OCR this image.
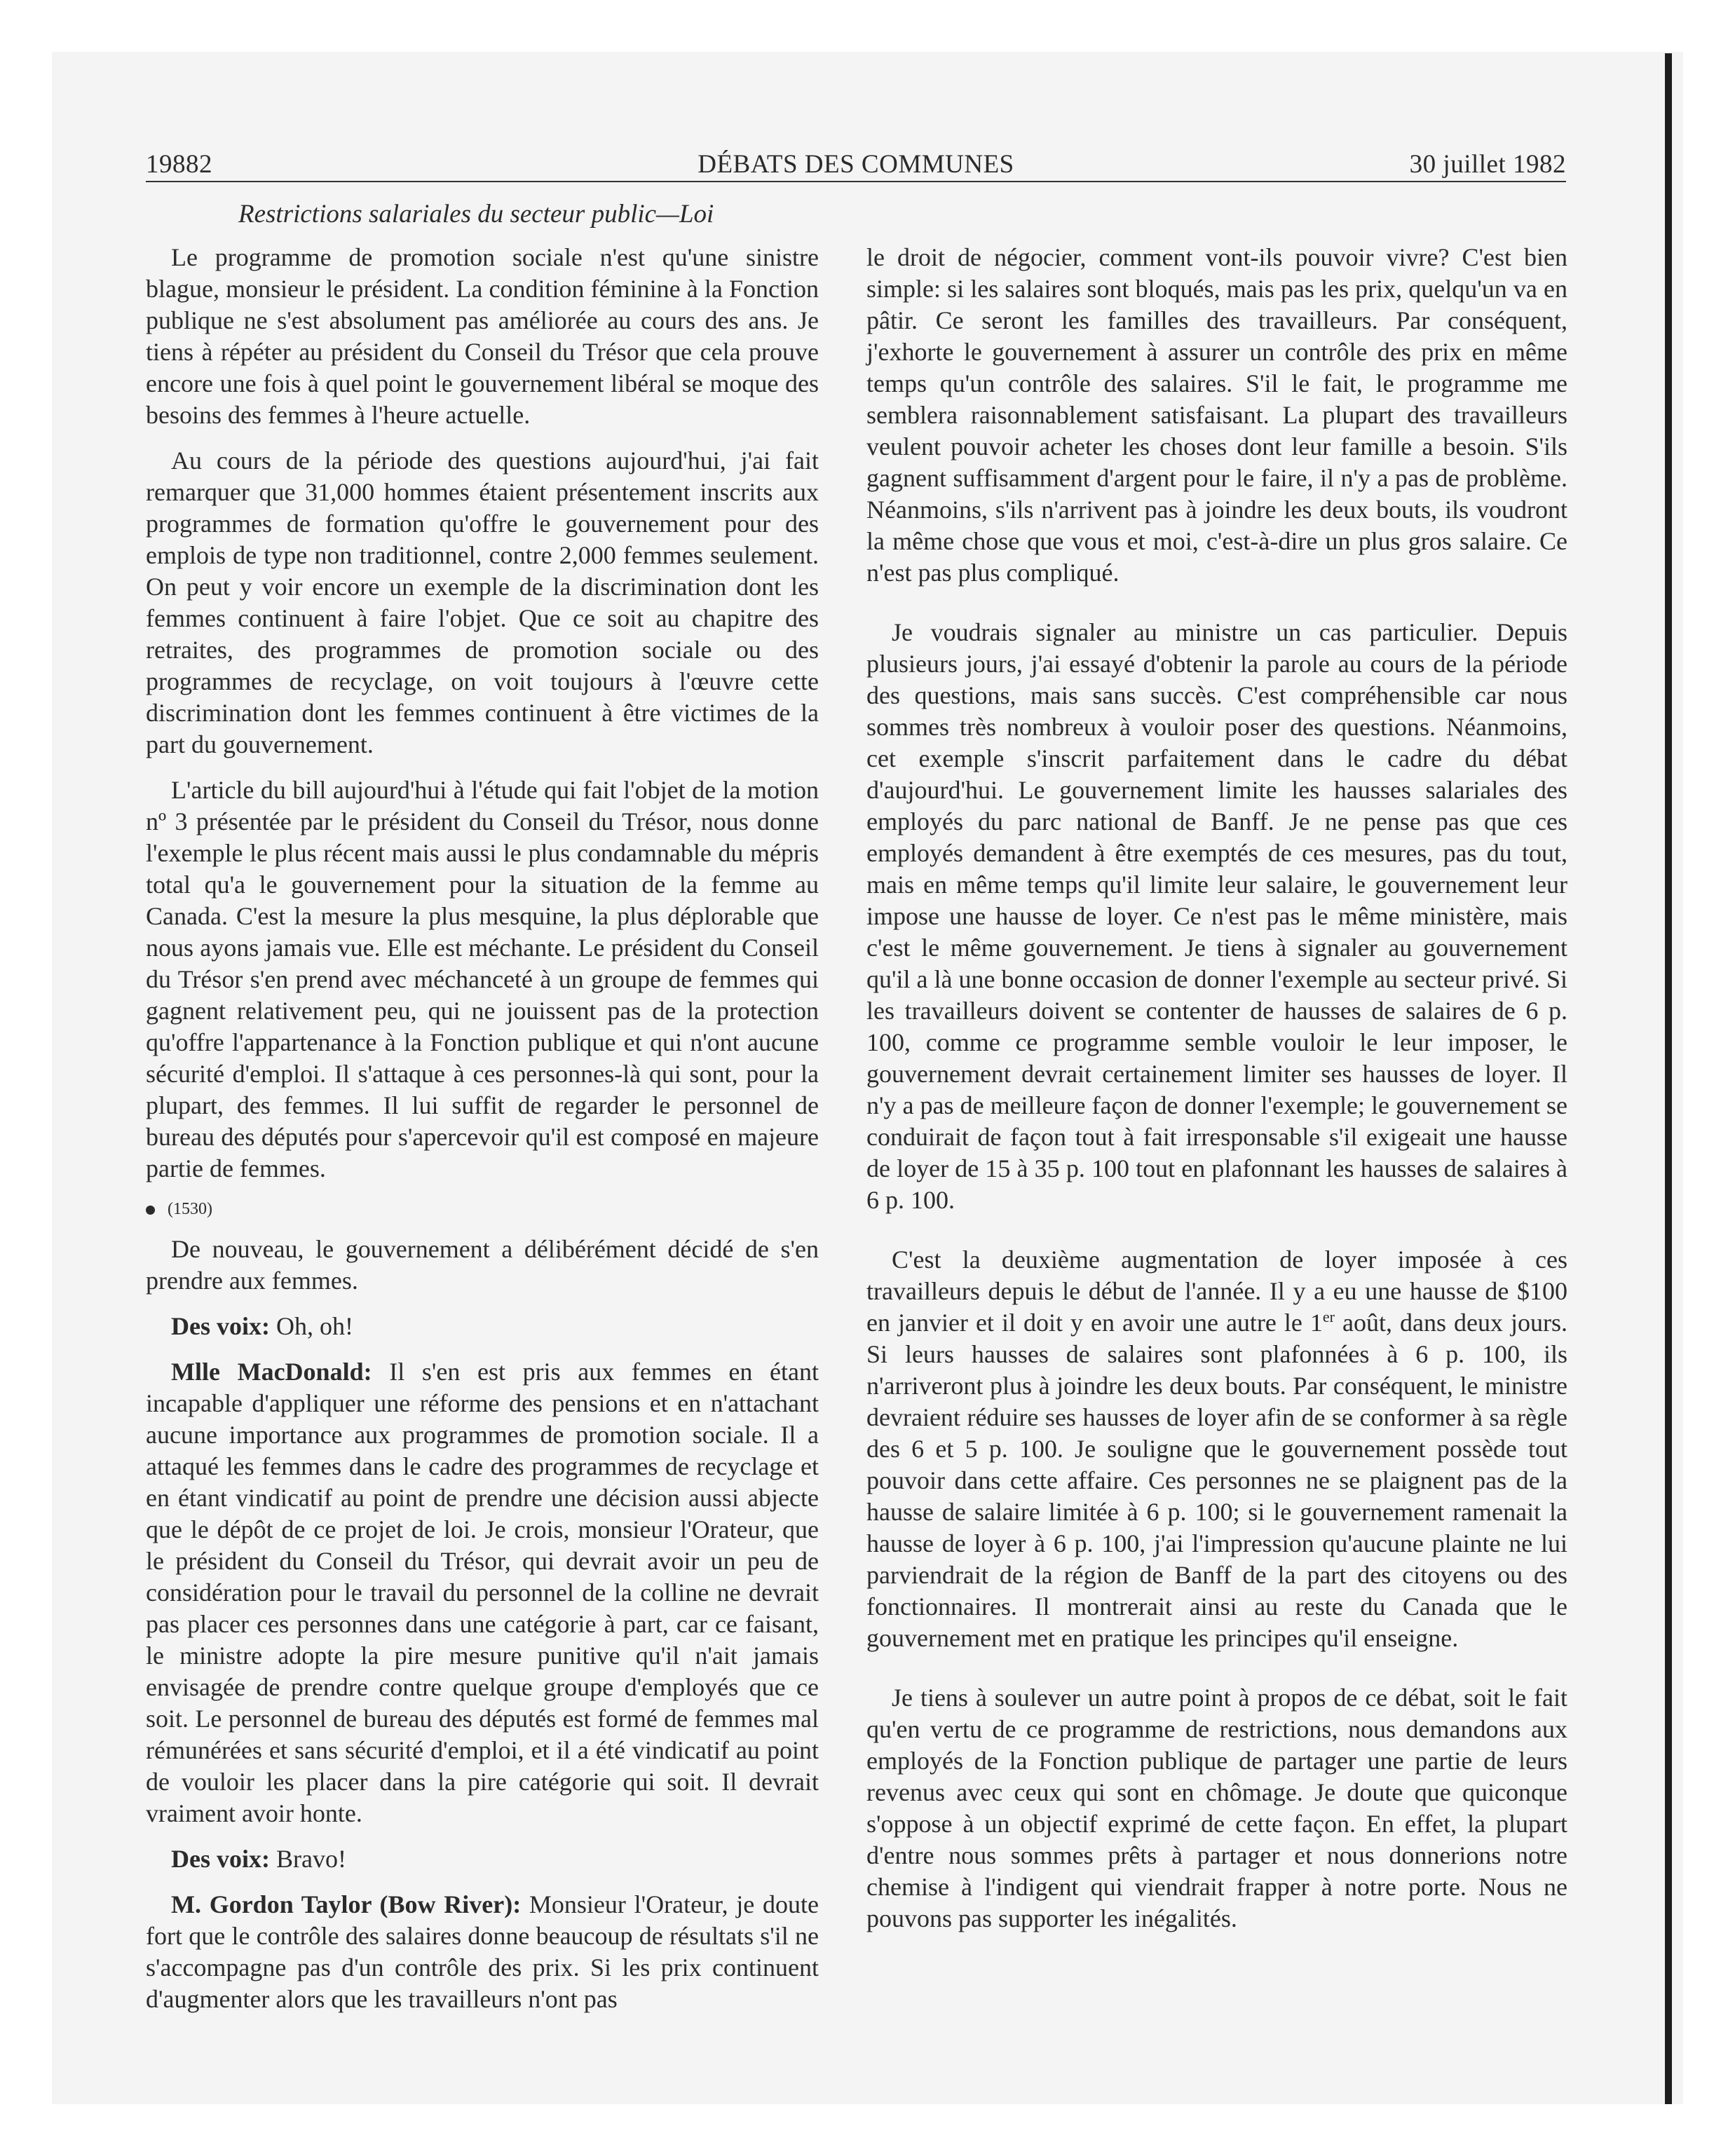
19882	DÉBATS DES COMMUNES	30 juillet 1982
Restrictions salariales du secteur public—Loi

Le programme de promotion sociale n'est qu'une sinistre blague, monsieur le président. La condition féminine à la Fonction publique ne s'est absolument pas améliorée au cours des ans. Je tiens à répéter au président du Conseil du Trésor que cela prouve encore une fois à quel point le gouvernement libéral se moque des besoins des femmes à l'heure actuelle.

Au cours de la période des questions aujourd'hui, j'ai fait remarquer que 31,000 hommes étaient présentement inscrits aux programmes de formation qu'offre le gouvernement pour des emplois de type non traditionnel, contre 2,000 femmes seulement. On peut y voir encore un exemple de la discrimination dont les femmes continuent à faire l'objet. Que ce soit au chapitre des retraites, des programmes de promotion sociale ou des programmes de recyclage, on voit toujours à l'œuvre cette discrimination dont les femmes continuent à être victimes de la part du gouvernement.

L'article du bill aujourd'hui à l'étude qui fait l'objet de la motion nº 3 présentée par le président du Conseil du Trésor, nous donne l'exemple le plus récent mais aussi le plus condamnable du mépris total qu'a le gouvernement pour la situation de la femme au Canada. C'est la mesure la plus mesquine, la plus déplorable que nous ayons jamais vue. Elle est méchante. Le président du Conseil du Trésor s'en prend avec méchanceté à un groupe de femmes qui gagnent relativement peu, qui ne jouissent pas de la protection qu'offre l'appartenance à la Fonction publique et qui n'ont aucune sécurité d'emploi. Il s'attaque à ces personnes-là qui sont, pour la plupart, des femmes. Il lui suffit de regarder le personnel de bureau des députés pour s'apercevoir qu'il est composé en majeure partie de femmes.

(1530)

De nouveau, le gouvernement a délibérément décidé de s'en prendre aux femmes.

Des voix: Oh, oh!

Mlle MacDonald: Il s'en est pris aux femmes en étant incapable d'appliquer une réforme des pensions et en n'attachant aucune importance aux programmes de promotion sociale. Il a attaqué les femmes dans le cadre des programmes de recyclage et en étant vindicatif au point de prendre une décision aussi abjecte que le dépôt de ce projet de loi. Je crois, monsieur l'Orateur, que le président du Conseil du Trésor, qui devrait avoir un peu de considération pour le travail du personnel de la colline ne devrait pas placer ces personnes dans une catégorie à part, car ce faisant, le ministre adopte la pire mesure punitive qu'il n'ait jamais envisagée de prendre contre quelque groupe d'employés que ce soit. Le personnel de bureau des députés est formé de femmes mal rémunérées et sans sécurité d'emploi, et il a été vindicatif au point de vouloir les placer dans la pire catégorie qui soit. Il devrait vraiment avoir honte.

Des voix: Bravo!

M. Gordon Taylor (Bow River): Monsieur l'Orateur, je doute fort que le contrôle des salaires donne beaucoup de résultats s'il ne s'accompagne pas d'un contrôle des prix. Si les prix continuent d'augmenter alors que les travailleurs n'ont pas

le droit de négocier, comment vont-ils pouvoir vivre? C'est bien simple: si les salaires sont bloqués, mais pas les prix, quelqu'un va en pâtir. Ce seront les familles des travailleurs. Par conséquent, j'exhorte le gouvernement à assurer un contrôle des prix en même temps qu'un contrôle des salaires. S'il le fait, le programme me semblera raisonnablement satisfaisant. La plupart des travailleurs veulent pouvoir acheter les choses dont leur famille a besoin. S'ils gagnent suffisamment d'argent pour le faire, il n'y a pas de problème. Néanmoins, s'ils n'arrivent pas à joindre les deux bouts, ils voudront la même chose que vous et moi, c'est-à-dire un plus gros salaire. Ce n'est pas plus compliqué.

Je voudrais signaler au ministre un cas particulier. Depuis plusieurs jours, j'ai essayé d'obtenir la parole au cours de la période des questions, mais sans succès. C'est compréhensible car nous sommes très nombreux à vouloir poser des questions. Néanmoins, cet exemple s'inscrit parfaitement dans le cadre du débat d'aujourd'hui. Le gouvernement limite les hausses salariales des employés du parc national de Banff. Je ne pense pas que ces employés demandent à être exemptés de ces mesures, pas du tout, mais en même temps qu'il limite leur salaire, le gouvernement leur impose une hausse de loyer. Ce n'est pas le même ministère, mais c'est le même gouvernement. Je tiens à signaler au gouvernement qu'il a là une bonne occasion de donner l'exemple au secteur privé. Si les travailleurs doivent se contenter de hausses de salaires de 6 p. 100, comme ce programme semble vouloir le leur imposer, le gouvernement devrait certainement limiter ses hausses de loyer. Il n'y a pas de meilleure façon de donner l'exemple; le gouvernement se conduirait de façon tout à fait irresponsable s'il exigeait une hausse de loyer de 15 à 35 p. 100 tout en plafonnant les hausses de salaires à 6 p. 100.

C'est la deuxième augmentation de loyer imposée à ces travailleurs depuis le début de l'année. Il y a eu une hausse de $100 en janvier et il doit y en avoir une autre le 1er août, dans deux jours. Si leurs hausses de salaires sont plafonnées à 6 p. 100, ils n'arriveront plus à joindre les deux bouts. Par conséquent, le ministre devraient réduire ses hausses de loyer afin de se conformer à sa règle des 6 et 5 p. 100. Je souligne que le gouvernement possède tout pouvoir dans cette affaire. Ces personnes ne se plaignent pas de la hausse de salaire limitée à 6 p. 100; si le gouvernement ramenait la hausse de loyer à 6 p. 100, j'ai l'impression qu'aucune plainte ne lui parviendrait de la région de Banff de la part des citoyens ou des fonctionnaires. Il montrerait ainsi au reste du Canada que le gouvernement met en pratique les principes qu'il enseigne.

Je tiens à soulever un autre point à propos de ce débat, soit le fait qu'en vertu de ce programme de restrictions, nous demandons aux employés de la Fonction publique de partager une partie de leurs revenus avec ceux qui sont en chômage. Je doute que quiconque s'oppose à un objectif exprimé de cette façon. En effet, la plupart d'entre nous sommes prêts à partager et nous donnerions notre chemise à l'indigent qui viendrait frapper à notre porte. Nous ne pouvons pas supporter les inégalités.
